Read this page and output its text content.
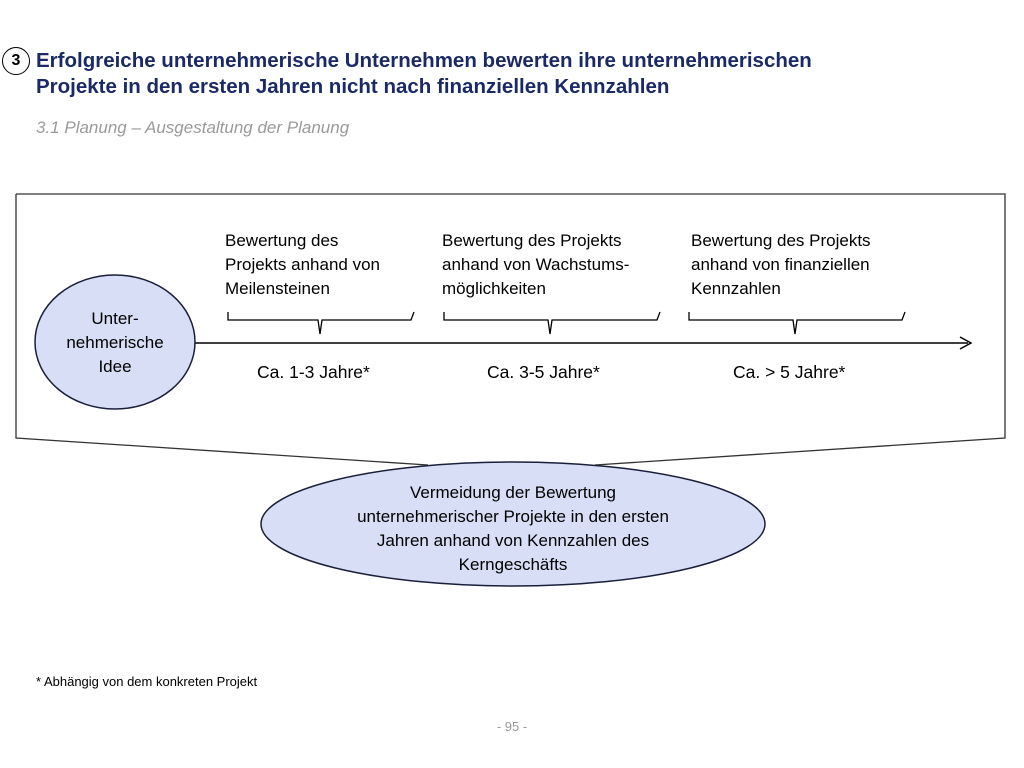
3 Erfolgreiche unternehmerische Unternehmen bewerten ihre unternehmerischen
Projekte in den ersten Jahren nicht nach finanziellen Kennzahlen
3.1 Planung – Ausgestaltung der Planung
Unter-
nehmerische
Idee
Bewertung des
Projekts anhand von
Meilensteinen
Bewertung des Projekts
anhand von Wachstums-
möglichkeiten
Bewertung des Projekts
anhand von finanziellen
Kennzahlen
Ca. 1-3 Jahre*	Ca. 3-5 Jahre*	Ca. > 5 Jahre*
Vermeidung der Bewertung
unternehmerischer Projekte in den ersten
Jahren anhand von Kennzahlen des
Kerngeschäfts
* Abhängig von dem konkreten Projekt
- 95 -
